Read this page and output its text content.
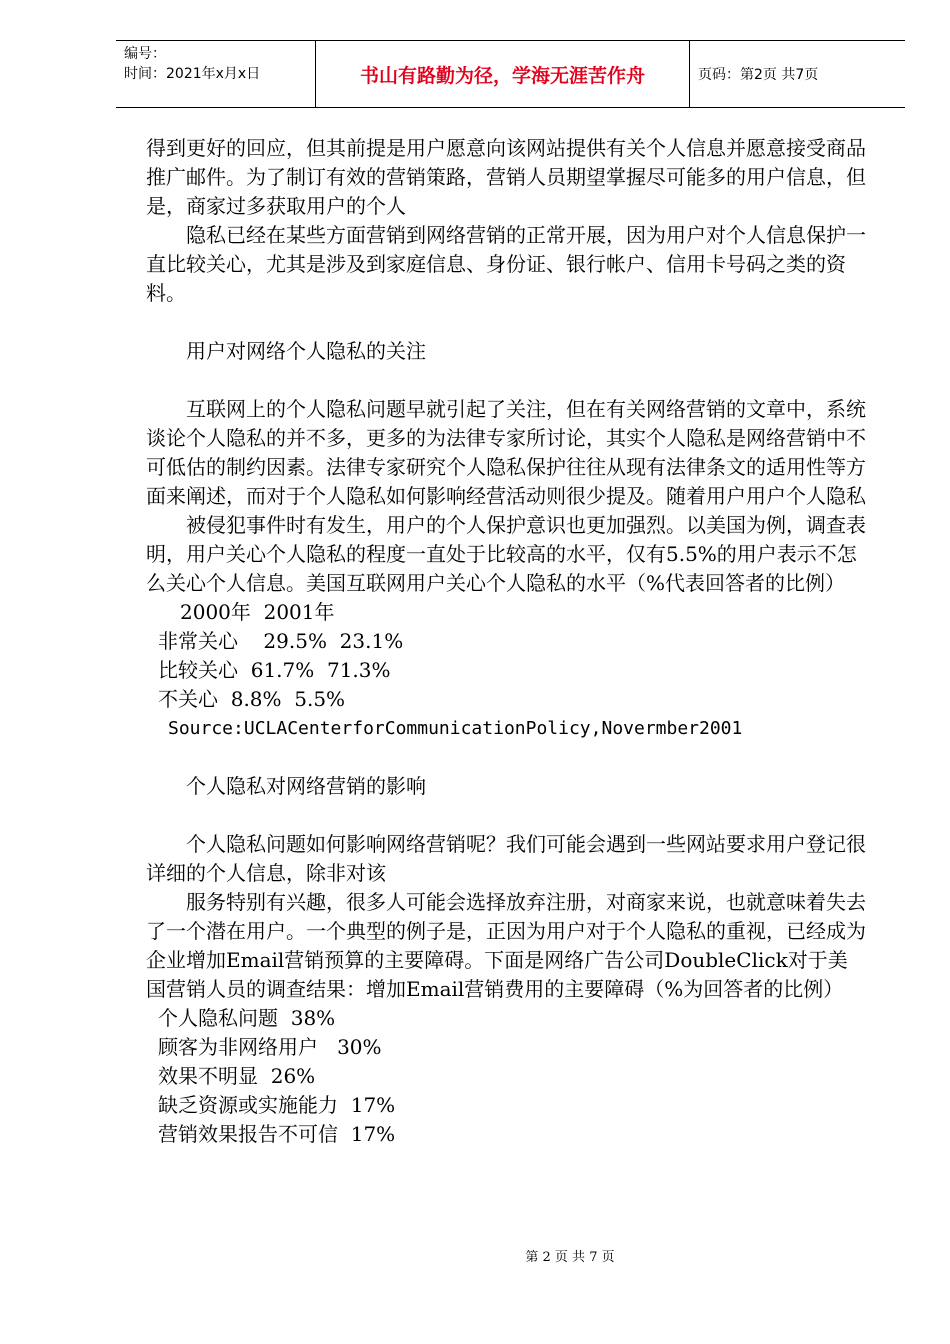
编号：
时间：2021年x月x日	书山有路勤为径，学海无涯苦作舟	页码：第2页 共7页

得到更好的回应，但其前提是用户愿意向该网站提供有关个人信息并愿意接受商品推广邮件。为了制订有效的营销策路，营销人员期望掌握尽可能多的用户信息，但是，商家过多获取用户的个人

隐私已经在某些方面营销到网络营销的正常开展，因为用户对个人信息保护一直比较关心，尤其是涉及到家庭信息、身份证、银行帐户、信用卡号码之类的资料。

用户对网络个人隐私的关注

互联网上的个人隐私问题早就引起了关注，但在有关网络营销的文章中，系统谈论个人隐私的并不多，更多的为法律专家所讨论，其实个人隐私是网络营销中不可低估的制约因素。法律专家研究个人隐私保护往往从现有法律条文的适用性等方面来阐述，而对于个人隐私如何影响经营活动则很少提及。随着用户用户个人隐私

被侵犯事件时有发生，用户的个人保护意识也更加强烈。以美国为例，调查表明，用户关心个人隐私的程度一直处于比较高的水平，仅有5.5%的用户表示不怎么关心个人信息。美国互联网用户关心个人隐私的水平（%代表回答者的比例）

2000年  2001年

非常关心    29.5%  23.1%

比较关心  61.7%  71.3%

不关心  8.8%  5.5%

Source:UCLACenterforCommunicationPolicy,Novermber2001

个人隐私对网络营销的影响

个人隐私问题如何影响网络营销呢？我们可能会遇到一些网站要求用户登记很详细的个人信息，除非对该

服务特别有兴趣，很多人可能会选择放弃注册，对商家来说，也就意味着失去了一个潜在用户。一个典型的例子是，正因为用户对于个人隐私的重视，已经成为企业增加Email营销预算的主要障碍。下面是网络广告公司DoubleClick对于美国营销人员的调查结果：增加Email营销费用的主要障碍（%为回答者的比例）

个人隐私问题  38%

顾客为非网络用户   30%

效果不明显  26%

缺乏资源或实施能力  17%

营销效果报告不可信  17%

第 2 页 共 7 页
